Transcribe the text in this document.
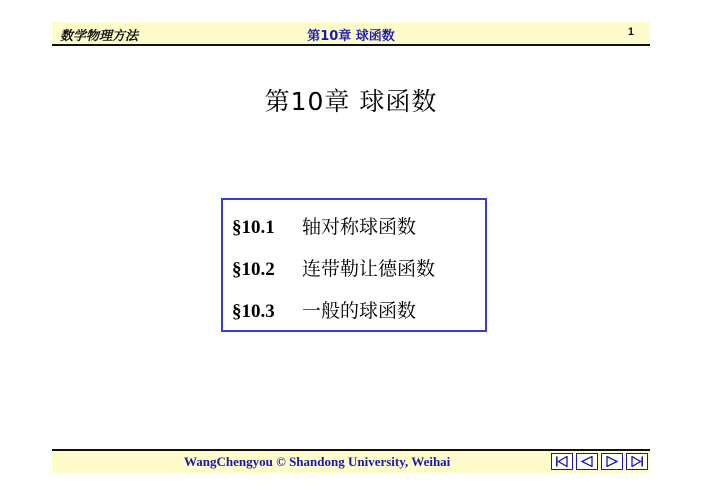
数学物理方法	第10章 球函数	1
第10章 球函数
§10.1 轴对称球函数
§10.2 连带勒让德函数
§10.3 一般的球函数
WangChengyou © Shandong University, Weihai
